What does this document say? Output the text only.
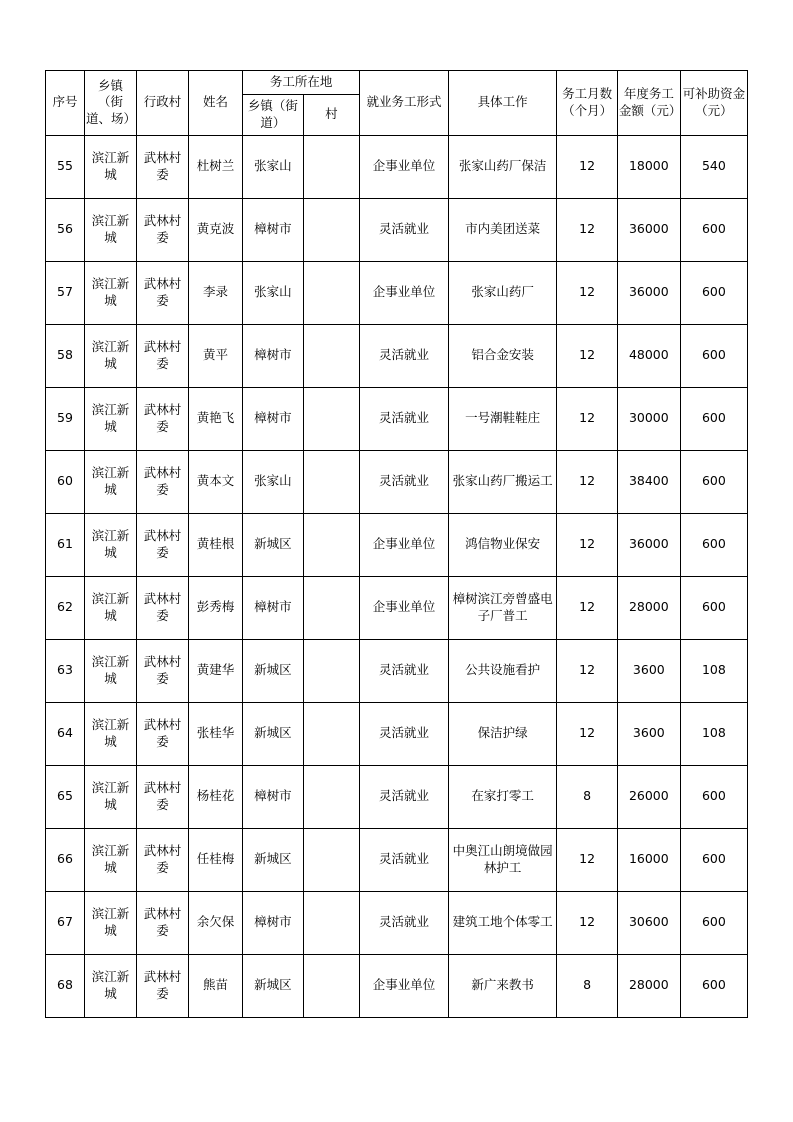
序号	乡镇（街道、场）	行政村	姓名	务工所在地		就业务工形式	具体工作	务工月数（个月）	年度务工金额（元）	可补助资金（元）
				乡镇（街道）	村					
55	滨江新城	武林村委	杜树兰	张家山		企事业单位	张家山药厂保洁	12	18000	540
56	滨江新城	武林村委	黄克波	樟树市		灵活就业	市内美团送菜	12	36000	600
57	滨江新城	武林村委	李录	张家山		企事业单位	张家山药厂	12	36000	600
58	滨江新城	武林村委	黄平	樟树市		灵活就业	铝合金安装	12	48000	600
59	滨江新城	武林村委	黄艳飞	樟树市		灵活就业	一号潮鞋鞋庄	12	30000	600
60	滨江新城	武林村委	黄本文	张家山		灵活就业	张家山药厂搬运工	12	38400	600
61	滨江新城	武林村委	黄桂根	新城区		企事业单位	鸿信物业保安	12	36000	600
62	滨江新城	武林村委	彭秀梅	樟树市		企事业单位	樟树滨江旁曾盛电子厂普工	12	28000	600
63	滨江新城	武林村委	黄建华	新城区		灵活就业	公共设施看护	12	3600	108
64	滨江新城	武林村委	张桂华	新城区		灵活就业	保洁护绿	12	3600	108
65	滨江新城	武林村委	杨桂花	樟树市		灵活就业	在家打零工	8	26000	600
66	滨江新城	武林村委	任桂梅	新城区		灵活就业	中奥江山朗境做园林护工	12	16000	600
67	滨江新城	武林村委	余欠保	樟树市		灵活就业	建筑工地个体零工	12	30600	600
68	滨江新城	武林村委	熊苗	新城区		企事业单位	新广来教书	8	28000	600
